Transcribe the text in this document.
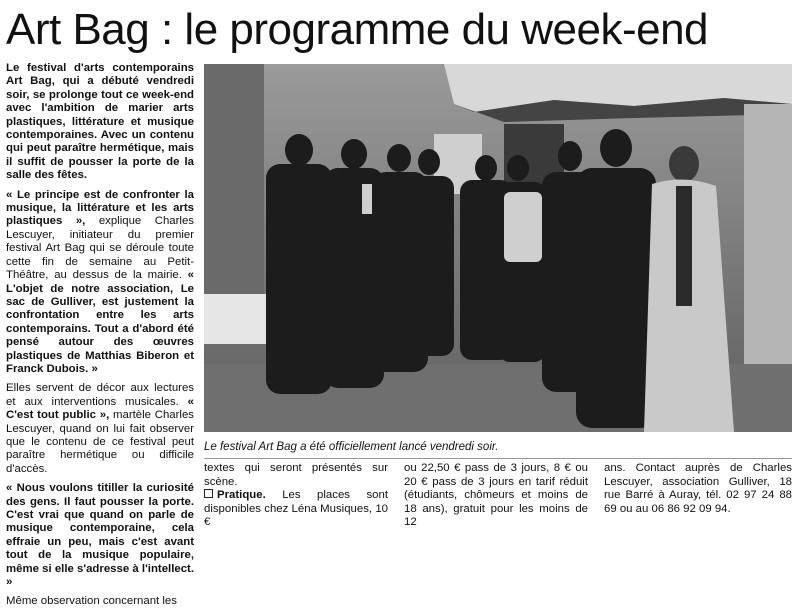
Art Bag : le programme du week-end

Le festival d'arts contemporains Art Bag, qui a débuté vendredi soir, se prolonge tout ce week-end avec l'ambition de marier arts plastiques, littérature et musique contemporaines. Avec un contenu qui peut paraître hermétique, mais il suffit de pousser la porte de la salle des fêtes.

« Le principe est de confronter la musique, la littérature et les arts plastiques », explique Charles Lescuyer, initiateur du premier festival Art Bag qui se déroule toute cette fin de semaine au Petit-Théâtre, au dessus de la mairie. « L'objet de notre association, Le sac de Gulliver, est justement la confrontation entre les arts contemporains. Tout a d'abord été pensé autour des œuvres plastiques de Matthias Biberon et Franck Dubois. »

Elles servent de décor aux lectures et aux interventions musicales. « C'est tout public », martèle Charles Lescuyer, quand on lui fait observer que le contenu de ce festival peut paraître hermétique ou difficile d'accès.

« Nous voulons titiller la curiosité des gens. Il faut pousser la porte. C'est vrai que quand on parle de musique contemporaine, cela effraie un peu, mais c'est avant tout de la musique populaire, même si elle s'adresse à l'intellect. »

Même observation concernant les

Le festival Art Bag a été officiellement lancé vendredi soir.

textes qui seront présentés sur scène.

Pratique. Les places sont disponibles chez Léna Musiques, 10 €

ou 22,50 € pass de 3 jours, 8 € ou 20 € pass de 3 jours en tarif réduit (étudiants, chômeurs et moins de 18 ans), gratuit pour les moins de 12

ans. Contact auprès de Charles Lescuyer, association Gulliver, 18 rue Barré à Auray, tél. 02 97 24 88 69 ou au 06 86 92 09 94.
